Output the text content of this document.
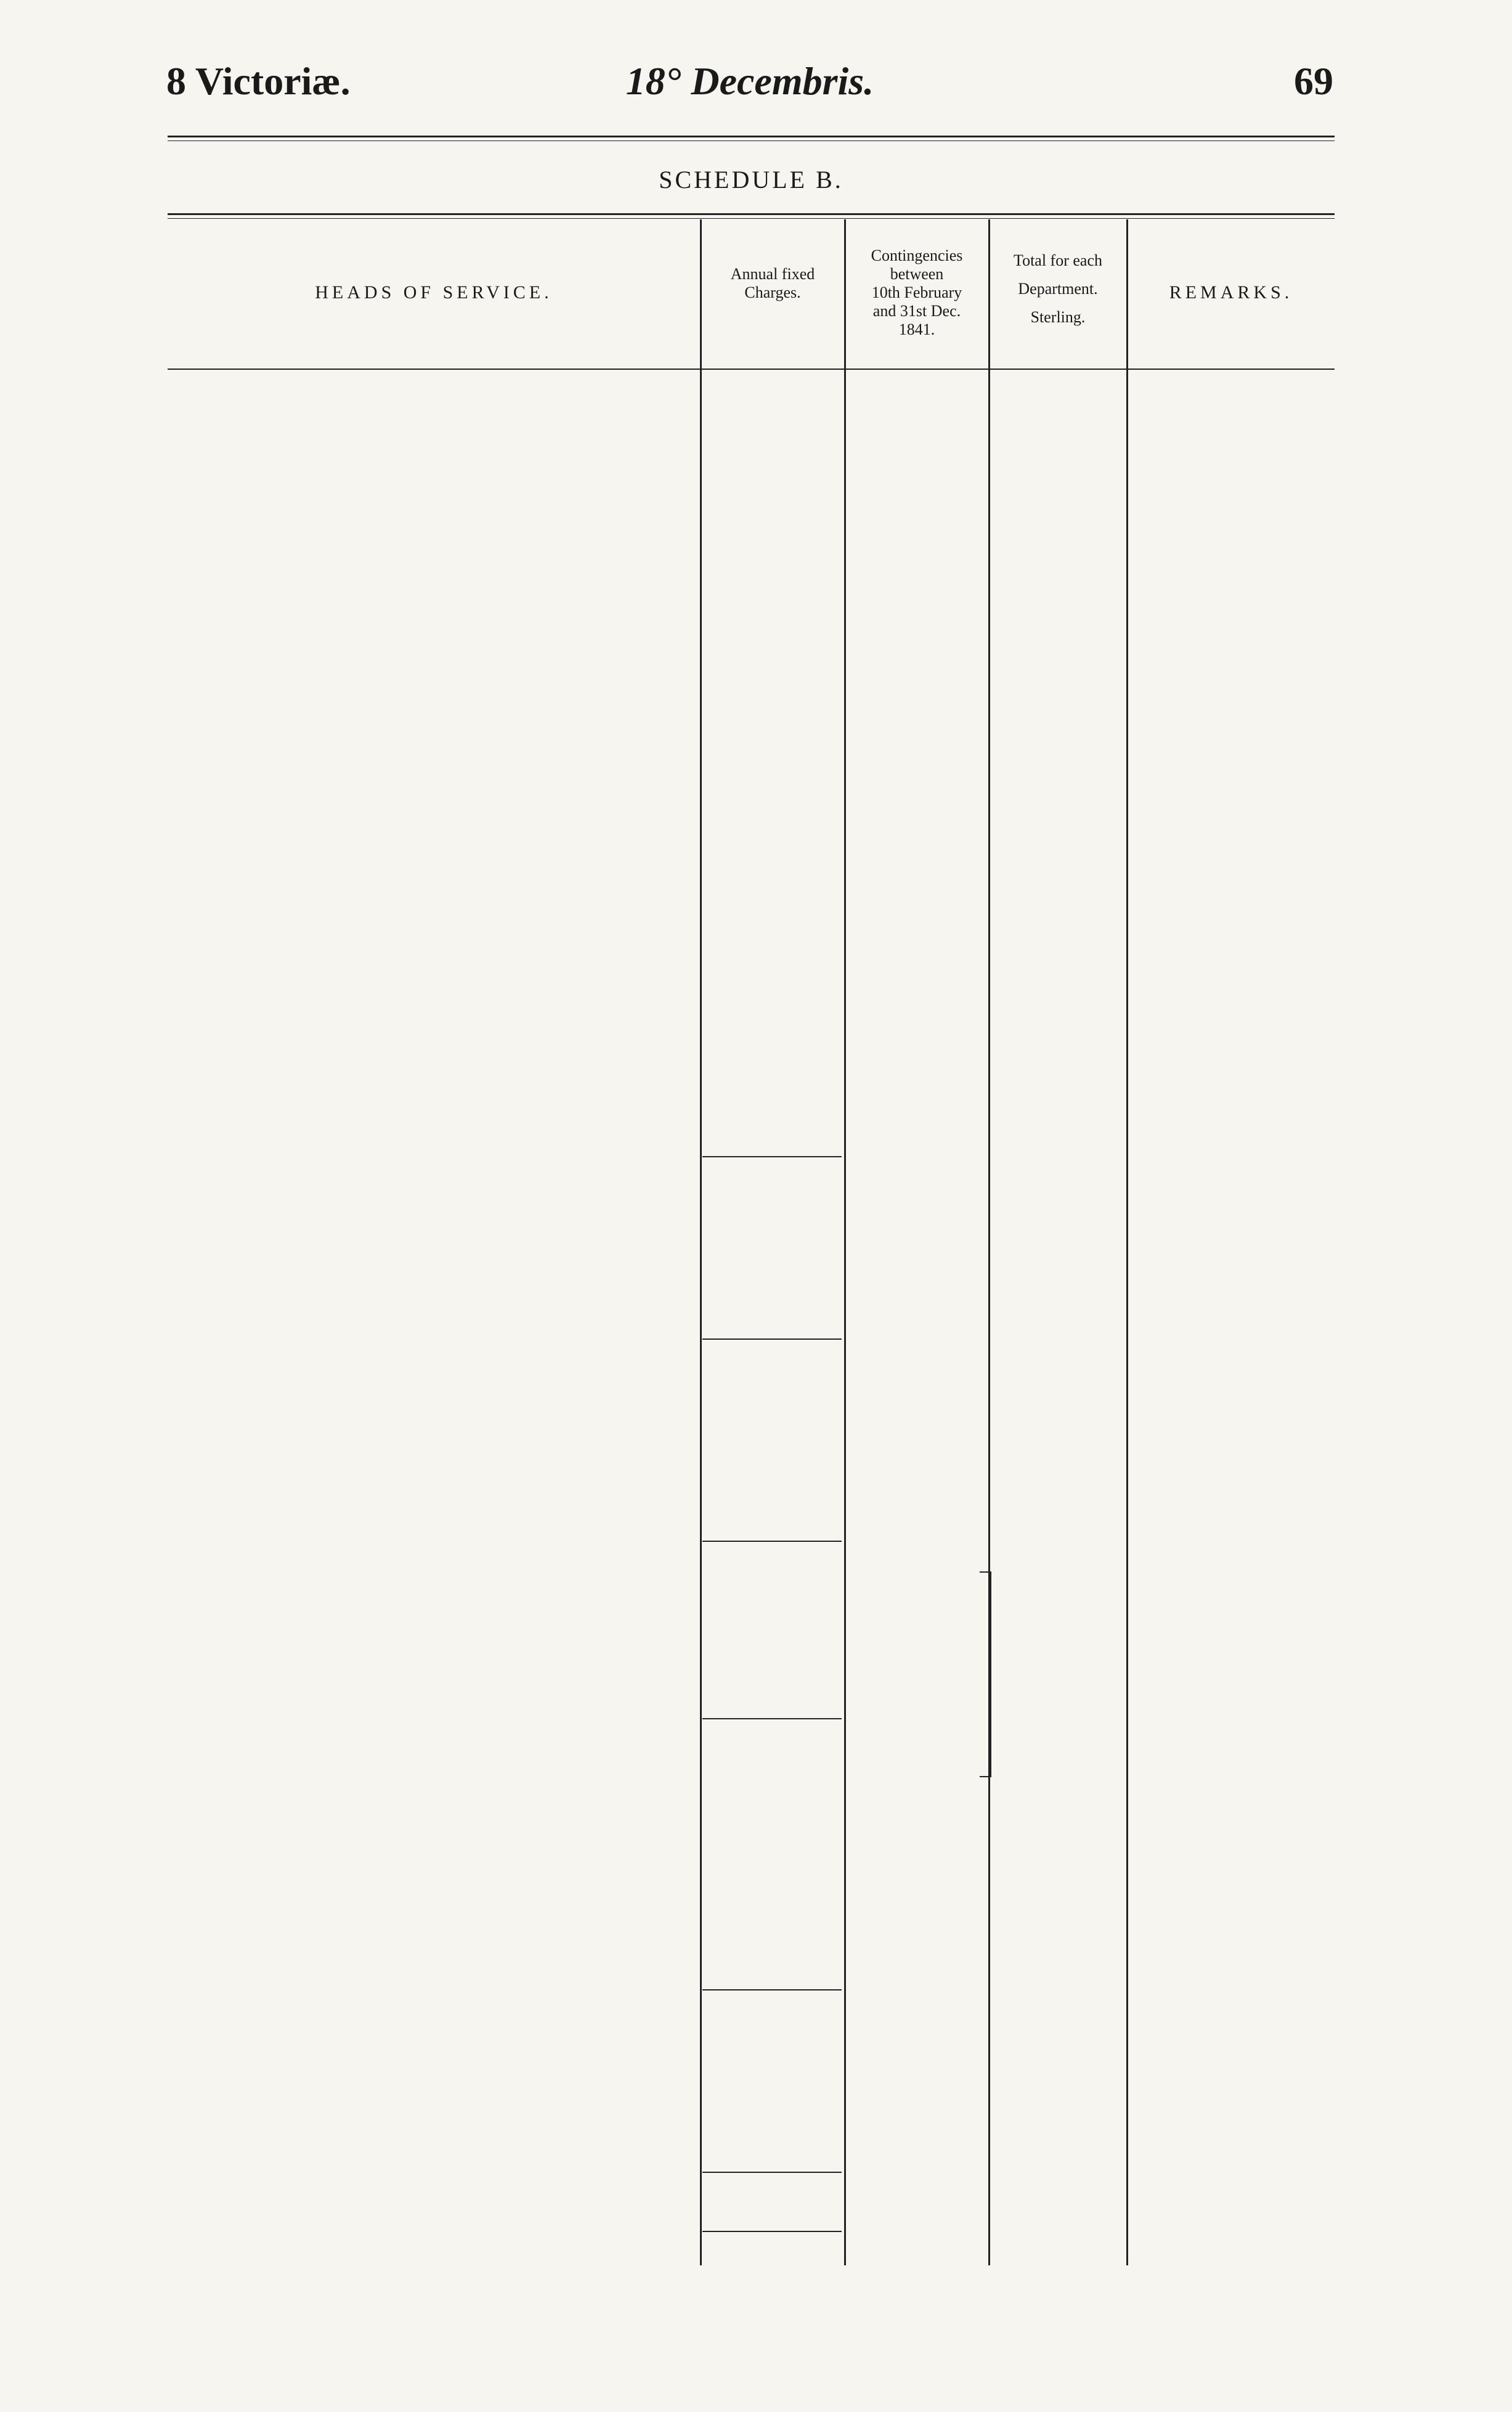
8 Victoriæ.	18° Decembris.	69
SCHEDULE B.
HEADS OF SERVICE.
Annual fixed
Charges.
Contingencies
between
10th February
and 31st Dec.
1841.
Total for each
Department.
Sterling.
REMARKS.
